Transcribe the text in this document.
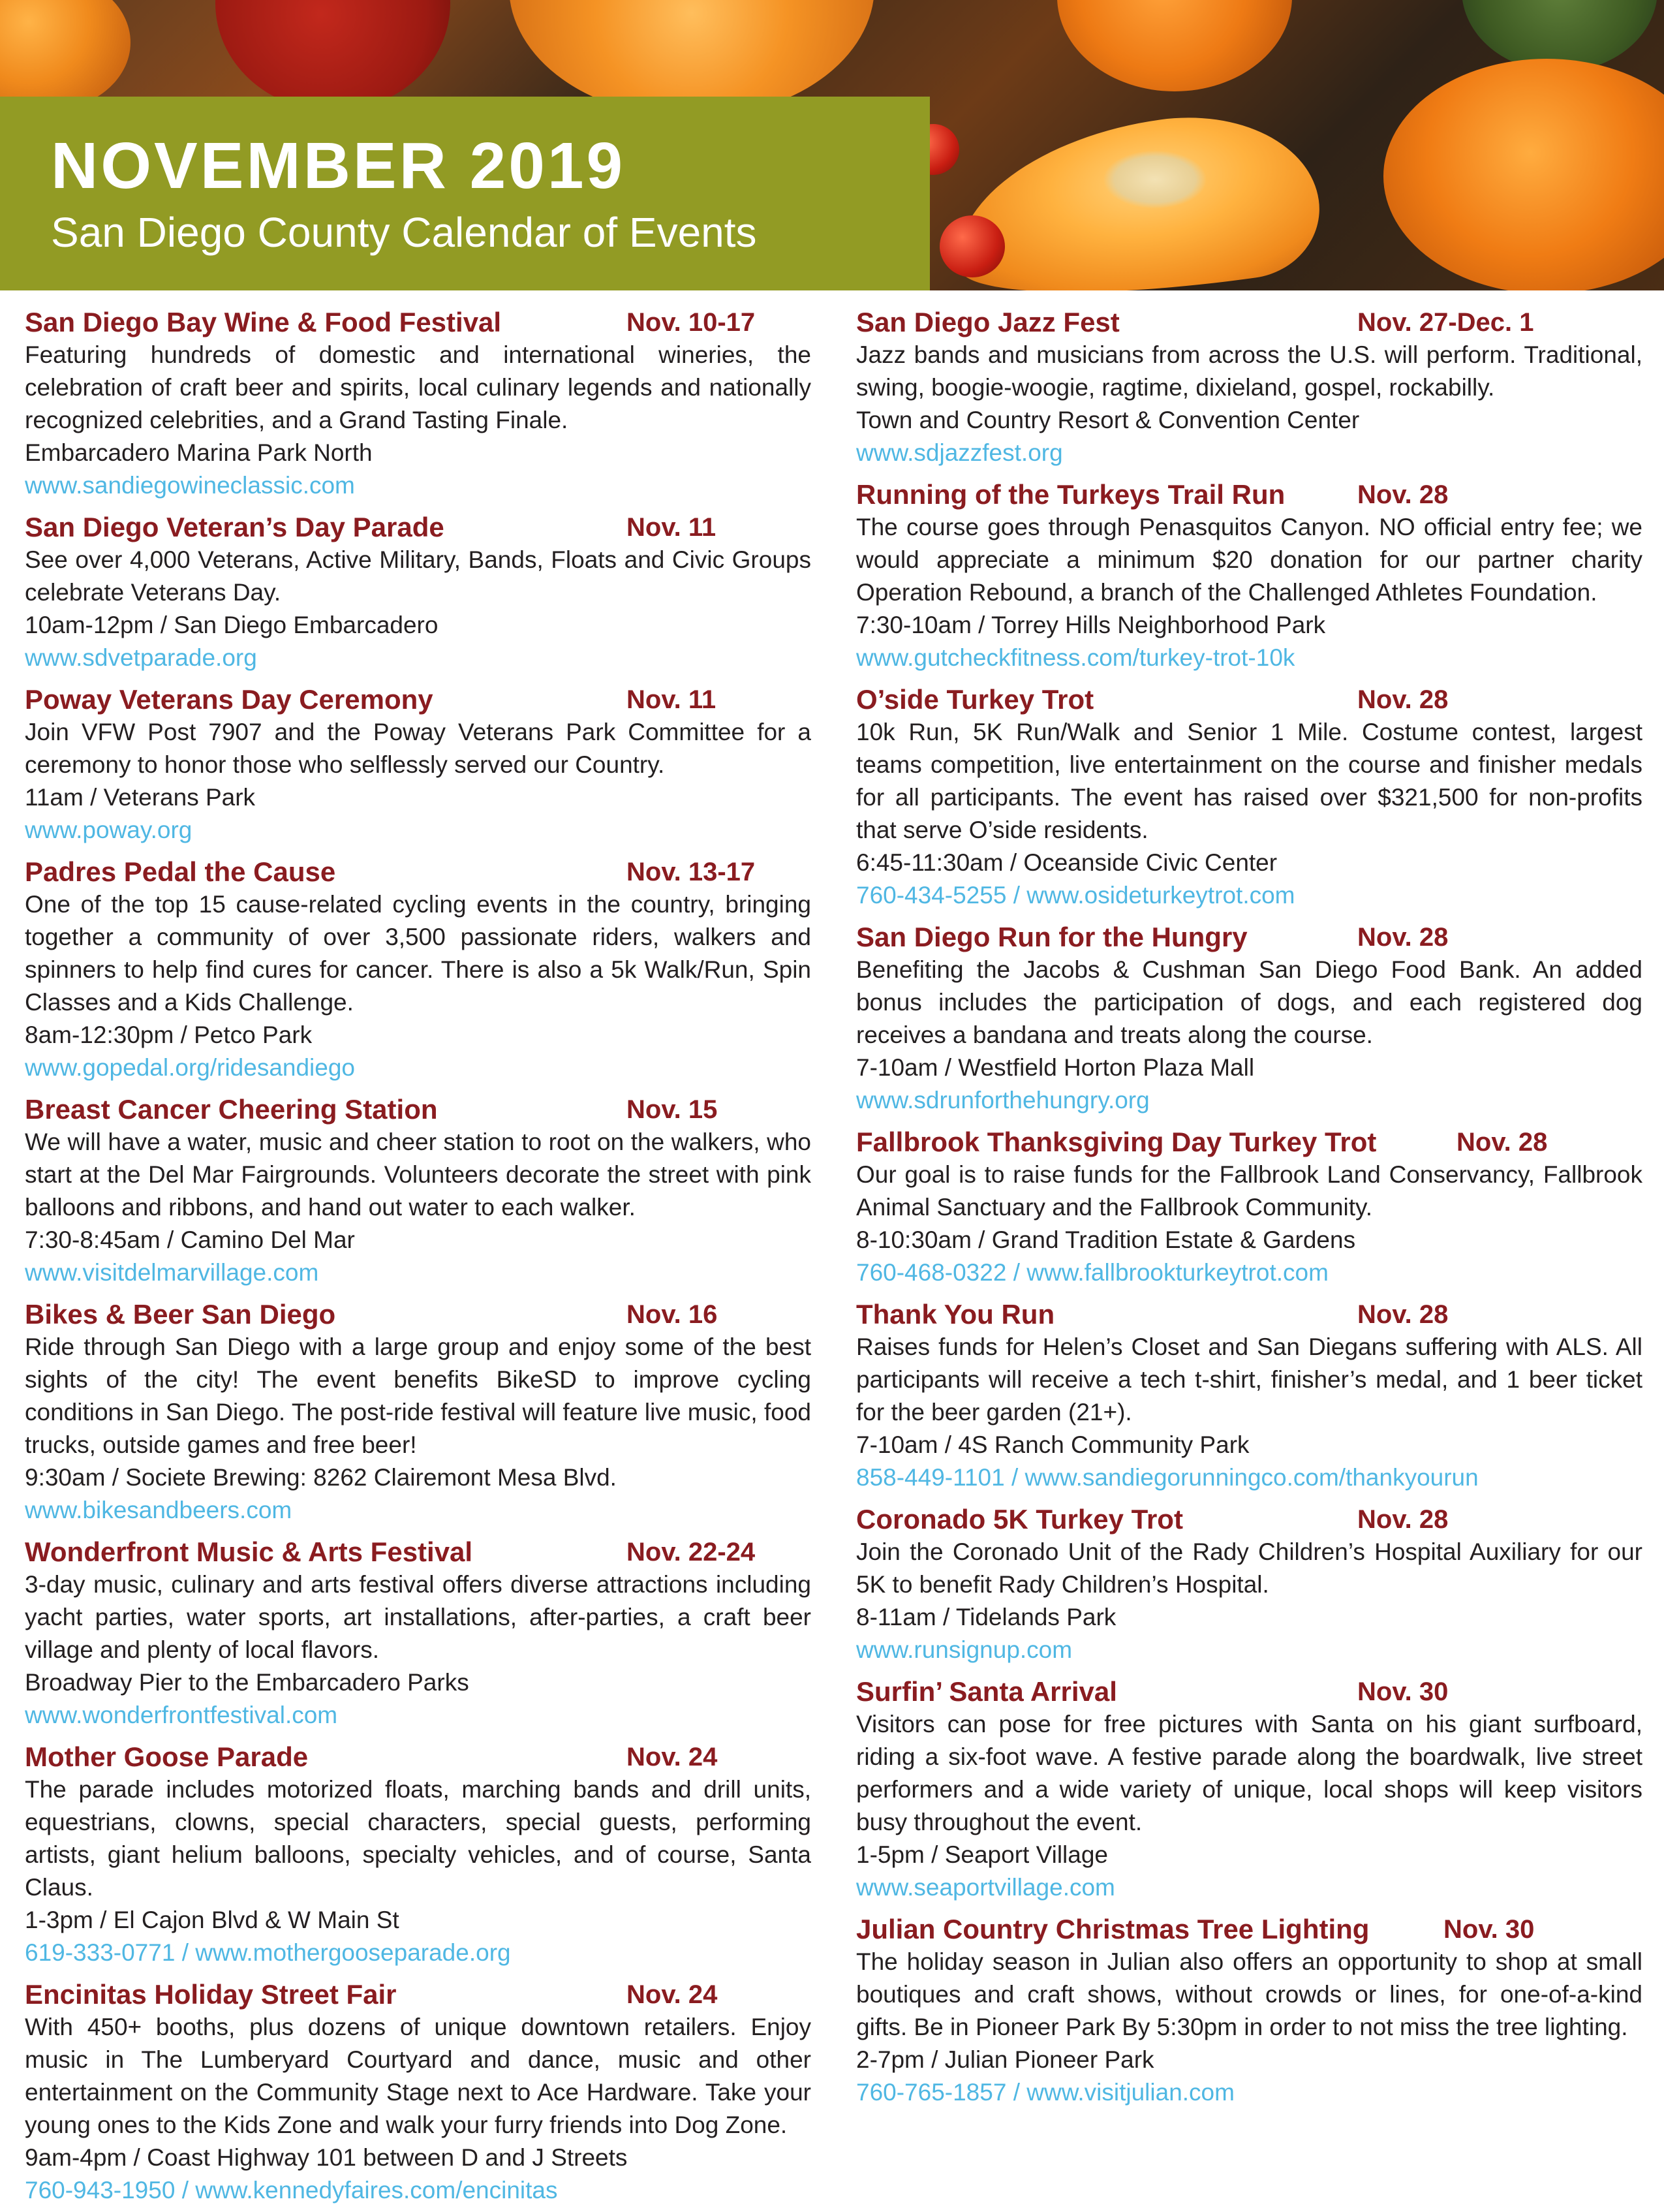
NOVEMBER 2019
San Diego County Calendar of Events
San Diego Bay Wine & Food Festival	Nov. 10-17

Featuring hundreds of domestic and international wineries, the celebration of craft beer and spirits, local culinary legends and nationally recognized celebrities, and a Grand Tasting Finale.

Embarcadero Marina Park North

www.sandiegowineclassic.com

San Diego Veteran’s Day Parade	Nov. 11

See over 4,000 Veterans, Active Military, Bands, Floats and Civic Groups celebrate Veterans Day.

10am-12pm / San Diego Embarcadero

www.sdvetparade.org

Poway Veterans Day Ceremony	Nov. 11

Join VFW Post 7907 and the Poway Veterans Park Committee for a ceremony to honor those who selflessly served our Country.

11am / Veterans Park

www.poway.org

Padres Pedal the Cause	Nov. 13-17

One of the top 15 cause-related cycling events in the country, bringing together a community of over 3,500 passionate riders, walkers and spinners to help find cures for cancer. There is also a 5k Walk/Run, Spin Classes and a Kids Challenge.

8am-12:30pm / Petco Park

www.gopedal.org/ridesandiego

Breast Cancer Cheering Station	Nov. 15

We will have a water, music and cheer station to root on the walkers, who start at the Del Mar Fairgrounds. Volunteers decorate the street with pink balloons and ribbons, and hand out water to each walker.

7:30-8:45am / Camino Del Mar

www.visitdelmarvillage.com

Bikes & Beer San Diego	Nov. 16

Ride through San Diego with a large group and enjoy some of the best sights of the city! The event benefits BikeSD to improve cycling conditions in San Diego. The post-ride festival will feature live music, food trucks, outside games and free beer!

9:30am / Societe Brewing: 8262 Clairemont Mesa Blvd.

www.bikesandbeers.com

Wonderfront Music & Arts Festival	Nov. 22-24

3-day music, culinary and arts festival offers diverse attractions including yacht parties, water sports, art installations, after-parties, a craft beer village and plenty of local flavors.

Broadway Pier to the Embarcadero Parks

www.wonderfrontfestival.com

Mother Goose Parade	Nov. 24

The parade includes motorized floats, marching bands and drill units, equestrians, clowns, special characters, special guests, performing artists, giant helium balloons, specialty vehicles, and of course, Santa Claus.

1-3pm / El Cajon Blvd & W Main St

619-333-0771 / www.mothergooseparade.org

Encinitas Holiday Street Fair	Nov. 24

With 450+ booths, plus dozens of unique downtown retailers. Enjoy music in The Lumberyard Courtyard and dance, music and other entertainment on the Community Stage next to Ace Hardware. Take your young ones to the Kids Zone and walk your furry friends into Dog Zone.

9am-4pm / Coast Highway 101 between D and J Streets

760-943-1950 / www.kennedyfaires.com/encinitas

San Diego Jazz Fest	Nov. 27-Dec. 1

Jazz bands and musicians from across the U.S. will perform. Traditional, swing, boogie-woogie, ragtime, dixieland, gospel, rockabilly.

Town and Country Resort & Convention Center

www.sdjazzfest.org

Running of the Turkeys Trail Run	Nov. 28

The course goes through Penasquitos Canyon. NO official entry fee; we would appreciate a minimum $20 donation for our partner charity Operation Rebound, a branch of the Challenged Athletes Foundation.

7:30-10am / Torrey Hills Neighborhood Park

www.gutcheckfitness.com/turkey-trot-10k

O’side Turkey Trot	Nov. 28

10k Run, 5K Run/Walk and Senior 1 Mile. Costume contest, largest teams competition, live entertainment on the course and finisher medals for all participants. The event has raised over $321,500 for non-profits that serve O’side residents.

6:45-11:30am / Oceanside Civic Center

760-434-5255 / www.osideturkeytrot.com

San Diego Run for the Hungry	Nov. 28

Benefiting the Jacobs & Cushman San Diego Food Bank. An added bonus includes the participation of dogs, and each registered dog receives a bandana and treats along the course.

7-10am / Westfield Horton Plaza Mall

www.sdrunforthehungry.org

Fallbrook Thanksgiving Day Turkey Trot	Nov. 28

Our goal is to raise funds for the Fallbrook Land Conservancy, Fallbrook Animal Sanctuary and the Fallbrook Community.

8-10:30am / Grand Tradition Estate & Gardens

760-468-0322 / www.fallbrookturkeytrot.com

Thank You Run	Nov. 28

Raises funds for Helen’s Closet and San Diegans suffering with ALS. All participants will receive a tech t-shirt, finisher’s medal, and 1 beer ticket for the beer garden (21+).

7-10am / 4S Ranch Community Park

858-449-1101 / www.sandiegorunningco.com/thankyourun

Coronado 5K Turkey Trot	Nov. 28

Join the Coronado Unit of the Rady Children’s Hospital Auxiliary for our 5K to benefit Rady Children’s Hospital.

8-11am / Tidelands Park

www.runsignup.com

Surfin’ Santa Arrival	Nov. 30

Visitors can pose for free pictures with Santa on his giant surfboard, riding a six-foot wave. A festive parade along the boardwalk, live street performers and a wide variety of unique, local shops will keep visitors busy throughout the event.

1-5pm / Seaport Village

www.seaportvillage.com

Julian Country Christmas Tree Lighting	Nov. 30

The holiday season in Julian also offers an opportunity to shop at small boutiques and craft shows, without crowds or lines, for one-of-a-kind gifts. Be in Pioneer Park By 5:30pm in order to not miss the tree lighting.

2-7pm / Julian Pioneer Park

760-765-1857 / www.visitjulian.com
